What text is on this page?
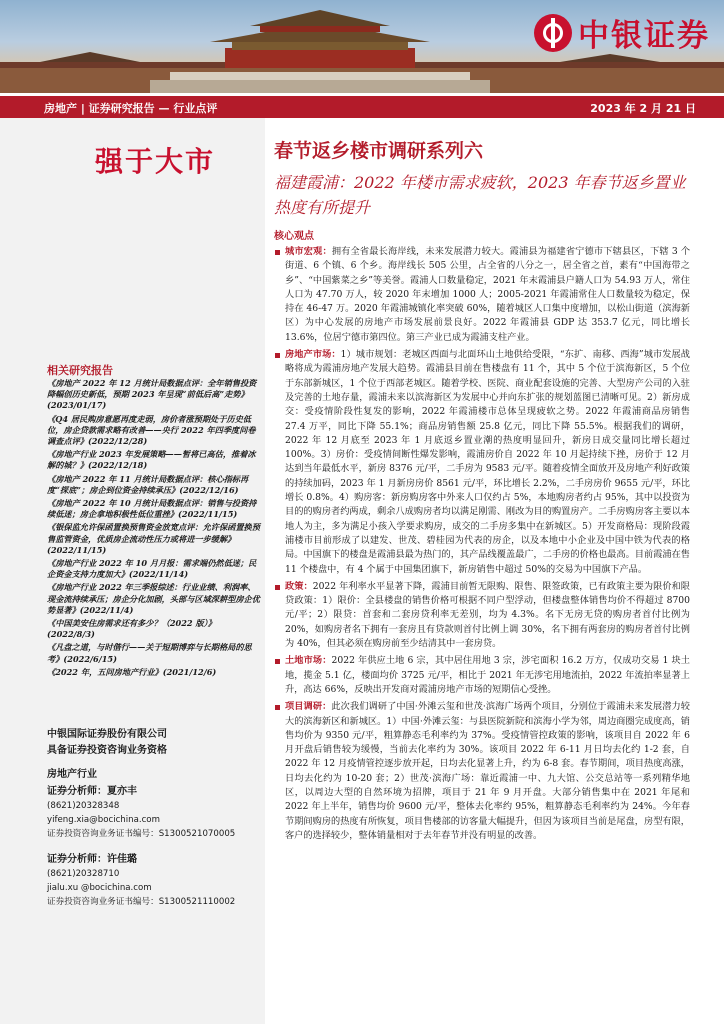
中银证券
房地产 | 证券研究报告 — 行业点评	2023 年 2 月 21 日
强于大市	春节返乡楼市调研系列六
福建霞浦：2022 年楼市需求疲软，2023 年春节返乡置业热度有所提升
核心观点
城市宏观：拥有全省最长海岸线，未来发展潜力较大。霞浦县为福建省宁德市下辖县区，下辖 3 个街道、6 个镇、6 个乡。海岸线长 505 公里，占全省的八分之一，居全省之首，素有“中国海带之乡”、“中国紫菜之乡”等美誉。霞浦人口数量稳定，2021 年末霞浦县户籍人口为 54.93 万人，常住人口为 47.70 万人，较 2020 年末增加 1000 人；2005-2021 年霞浦常住人口数量较为稳定，保持在 46-47 万。2020 年霞浦城镇化率突破 60%，随着城区人口集中度增加，以松山街道（滨海新区）为中心发展的房地产市场发展前景良好。2022 年霞浦县 GDP 达 353.7 亿元，同比增长 13.6%，位居宁德市第四位。第三产业已成为霞浦支柱产业。
房地产市场：1）城市规划：老城区西面与北面环山土地供给受限，“东扩、南移、西海”城市发展战略将成为霞浦房地产发展大趋势。霞浦县目前在售楼盘有 11 个，其中 5 个位于滨海新区，5 个位于东部新城区，1 个位于西部老城区。随着学校、医院、商业配套设施的完善、大型房产公司的入驻及完善的土地存量，霞浦未来以滨海新区为发展中心并向东扩张的规划蓝图已清晰可见。2）新房成交：受疫情阶段性复发的影响，2022 年霞浦楼市总体呈现疲软之势。2022 年霞浦商品房销售 27.4 万平，同比下降 55.1%；商品房销售额 25.8 亿元，同比下降 55.5%。根据我们的调研，2022 年 12 月底至 2023 年 1 月底返乡置业潮的热度明显回升，新房日成交量同比增长超过 100%。3）房价：受疫情间断性爆发影响，霞浦房价自 2022 年 10 月起持续下挫，房价于 12 月达到当年最低水平，新房 8376 元/平，二手房为 9583 元/平。随着疫情全面放开及房地产利好政策的持续加码，2023 年 1 月新房房价 8561 元/平，环比增长 2.2%，二手房房价 9655 元/平，环比增长 0.8%。4）购房客：新房购房客中外来人口仅约占 5%，本地购房者约占 95%，其中以投资为目的的购房者约两成，剩余八成购房者均以满足刚需、刚改为目的购置房产。二手房购房客主要以本地人为主，多为满足小孩入学要求购房，成交的二手房多集中在新城区。5）开发商格局：现阶段霞浦楼市目前形成了以建发、世茂、碧桂园为代表的房企，以及本地中小企业及中国中铁为代表的格局。中国旗下的楼盘是霞浦县最为热门的，其产品线覆盖最广，二手房的价格也最高。目前霞浦在售 11 个楼盘中，有 4 个属于中国集团旗下，新房销售中超过 50%的交易为中国旗下产品。
政策：2022 年利率水平显著下降，霞浦目前暂无限购、限售、限签政策，已有政策主要为限价和限贷政策：1）限价：全县楼盘的销售价格可根据不同户型浮动，但楼盘整体销售均价不得超过 8700 元/平；2）限贷：首套和二套房贷利率无差别，均为 4.3%。名下无房无贷的购房者首付比例为 20%，如购房者名下拥有一套房且有贷款则首付比例上调 30%，名下拥有两套房的购房者首付比例为 40%，但其必须在购房前至少结清其中一套房贷。
土地市场：2022 年供应土地 6 宗，其中居住用地 3 宗，涉宅面积 16.2 万方，仅成功交易 1 块土地，揽金 5.1 亿，楼面均价 3725 元/平，相比于 2021 年无涉宅用地流拍，2022 年流拍率显著上升，高达 66%，反映出开发商对霞浦房地产市场的短期信心受挫。
项目调研：此次我们调研了中国·外滩云玺和世茂·滨海广场两个项目，分别位于霞浦未来发展潜力较大的滨海新区和新城区。1）中国·外滩云玺：与县医院新院和滨海小学为邻，周边商圈完成度高，销售均价为 9350 元/平，粗算静态毛利率约为 37%。受疫情管控政策的影响，该项目自 2022 年 6 月开盘后销售较为缓慢，当前去化率约为 30%。该项目 2022 年 6-11 月日均去化约 1-2 套，自 2022 年 12 月疫情管控逐步放开起，日均去化显著上升，约为 6-8 套。春节期间，项目热度高涨，日均去化约为 10-20 套；2）世茂·滨海广场：靠近霞浦一中、九大馆、公交总站等一系列精华地区，以周边大型的自然环境为招牌，项目于 21 年 9 月开盘。大部分销售集中在 2021 年尾和 2022 年上半年，销售均价 9600 元/平，整体去化率约 95%，粗算静态毛利率约为 24%。今年春节期间购房的热度有所恢复，项目售楼部的访客量大幅提升，但因为该项目当前是尾盘，房型有限，客户的选择较少，整体销量相对于去年春节并没有明显的改善。
相关研究报告
《房地产 2022 年 12 月统计局数据点评：全年销售投资降幅创历史新低，预期 2023 年呈现“前低后高”走势》(2023/01/17)
《Q4 居民购房意愿再度走弱，房价者涨预期处于历史低位，房企贷款需求略有改善——央行 2022 年四季度问卷调查点评》(2022/12/28)
《房地产行业 2023 年发展策略——暂将已高估，推着冰解的城？》(2022/12/18)
《房地产 2022 年 11 月统计局数据点评：核心指标再度“探底”；房企到位资金持续承压》(2022/12/16)
《房地产 2022 年 10 月统计局数据点评：销售与投资持续低迷；房企拿地积极性低位重挫》(2022/11/15)
《银保监允许保函置换预售资金放宽点评：允许保函置换预售监管资金，优质房企流动性压力或将进一步缓解》(2022/11/15)
《房地产行业 2022 年 10 月月报：需求端仍然低迷；民企资金支持力度加大》(2022/11/14)
《房地产行业 2022 年三季报综述：行业业绩、利润率、现金流持续承压；房企分化加剧，头部与区域深耕型房企优势显著》(2022/11/4)
《中国美安住房需求还有多少？（2022 版）》(2022/8/3)
《凡盘之道，与时偕行——关于短期博弈与长期格局的思考》(2022/6/15)
《2022 年，五问房地产行业》(2021/12/6)
中银国际证券股份有限公司
具备证券投资咨询业务资格
房地产行业
证券分析师：夏亦丰
(8621)20328348
yifeng.xia@bocichina.com
证券投资咨询业务证书编号：S1300521070005
证券分析师：许佳璐
(8621)20328710
jialu.xu @bocichina.com
证券投资咨询业务证书编号：S1300521110002
